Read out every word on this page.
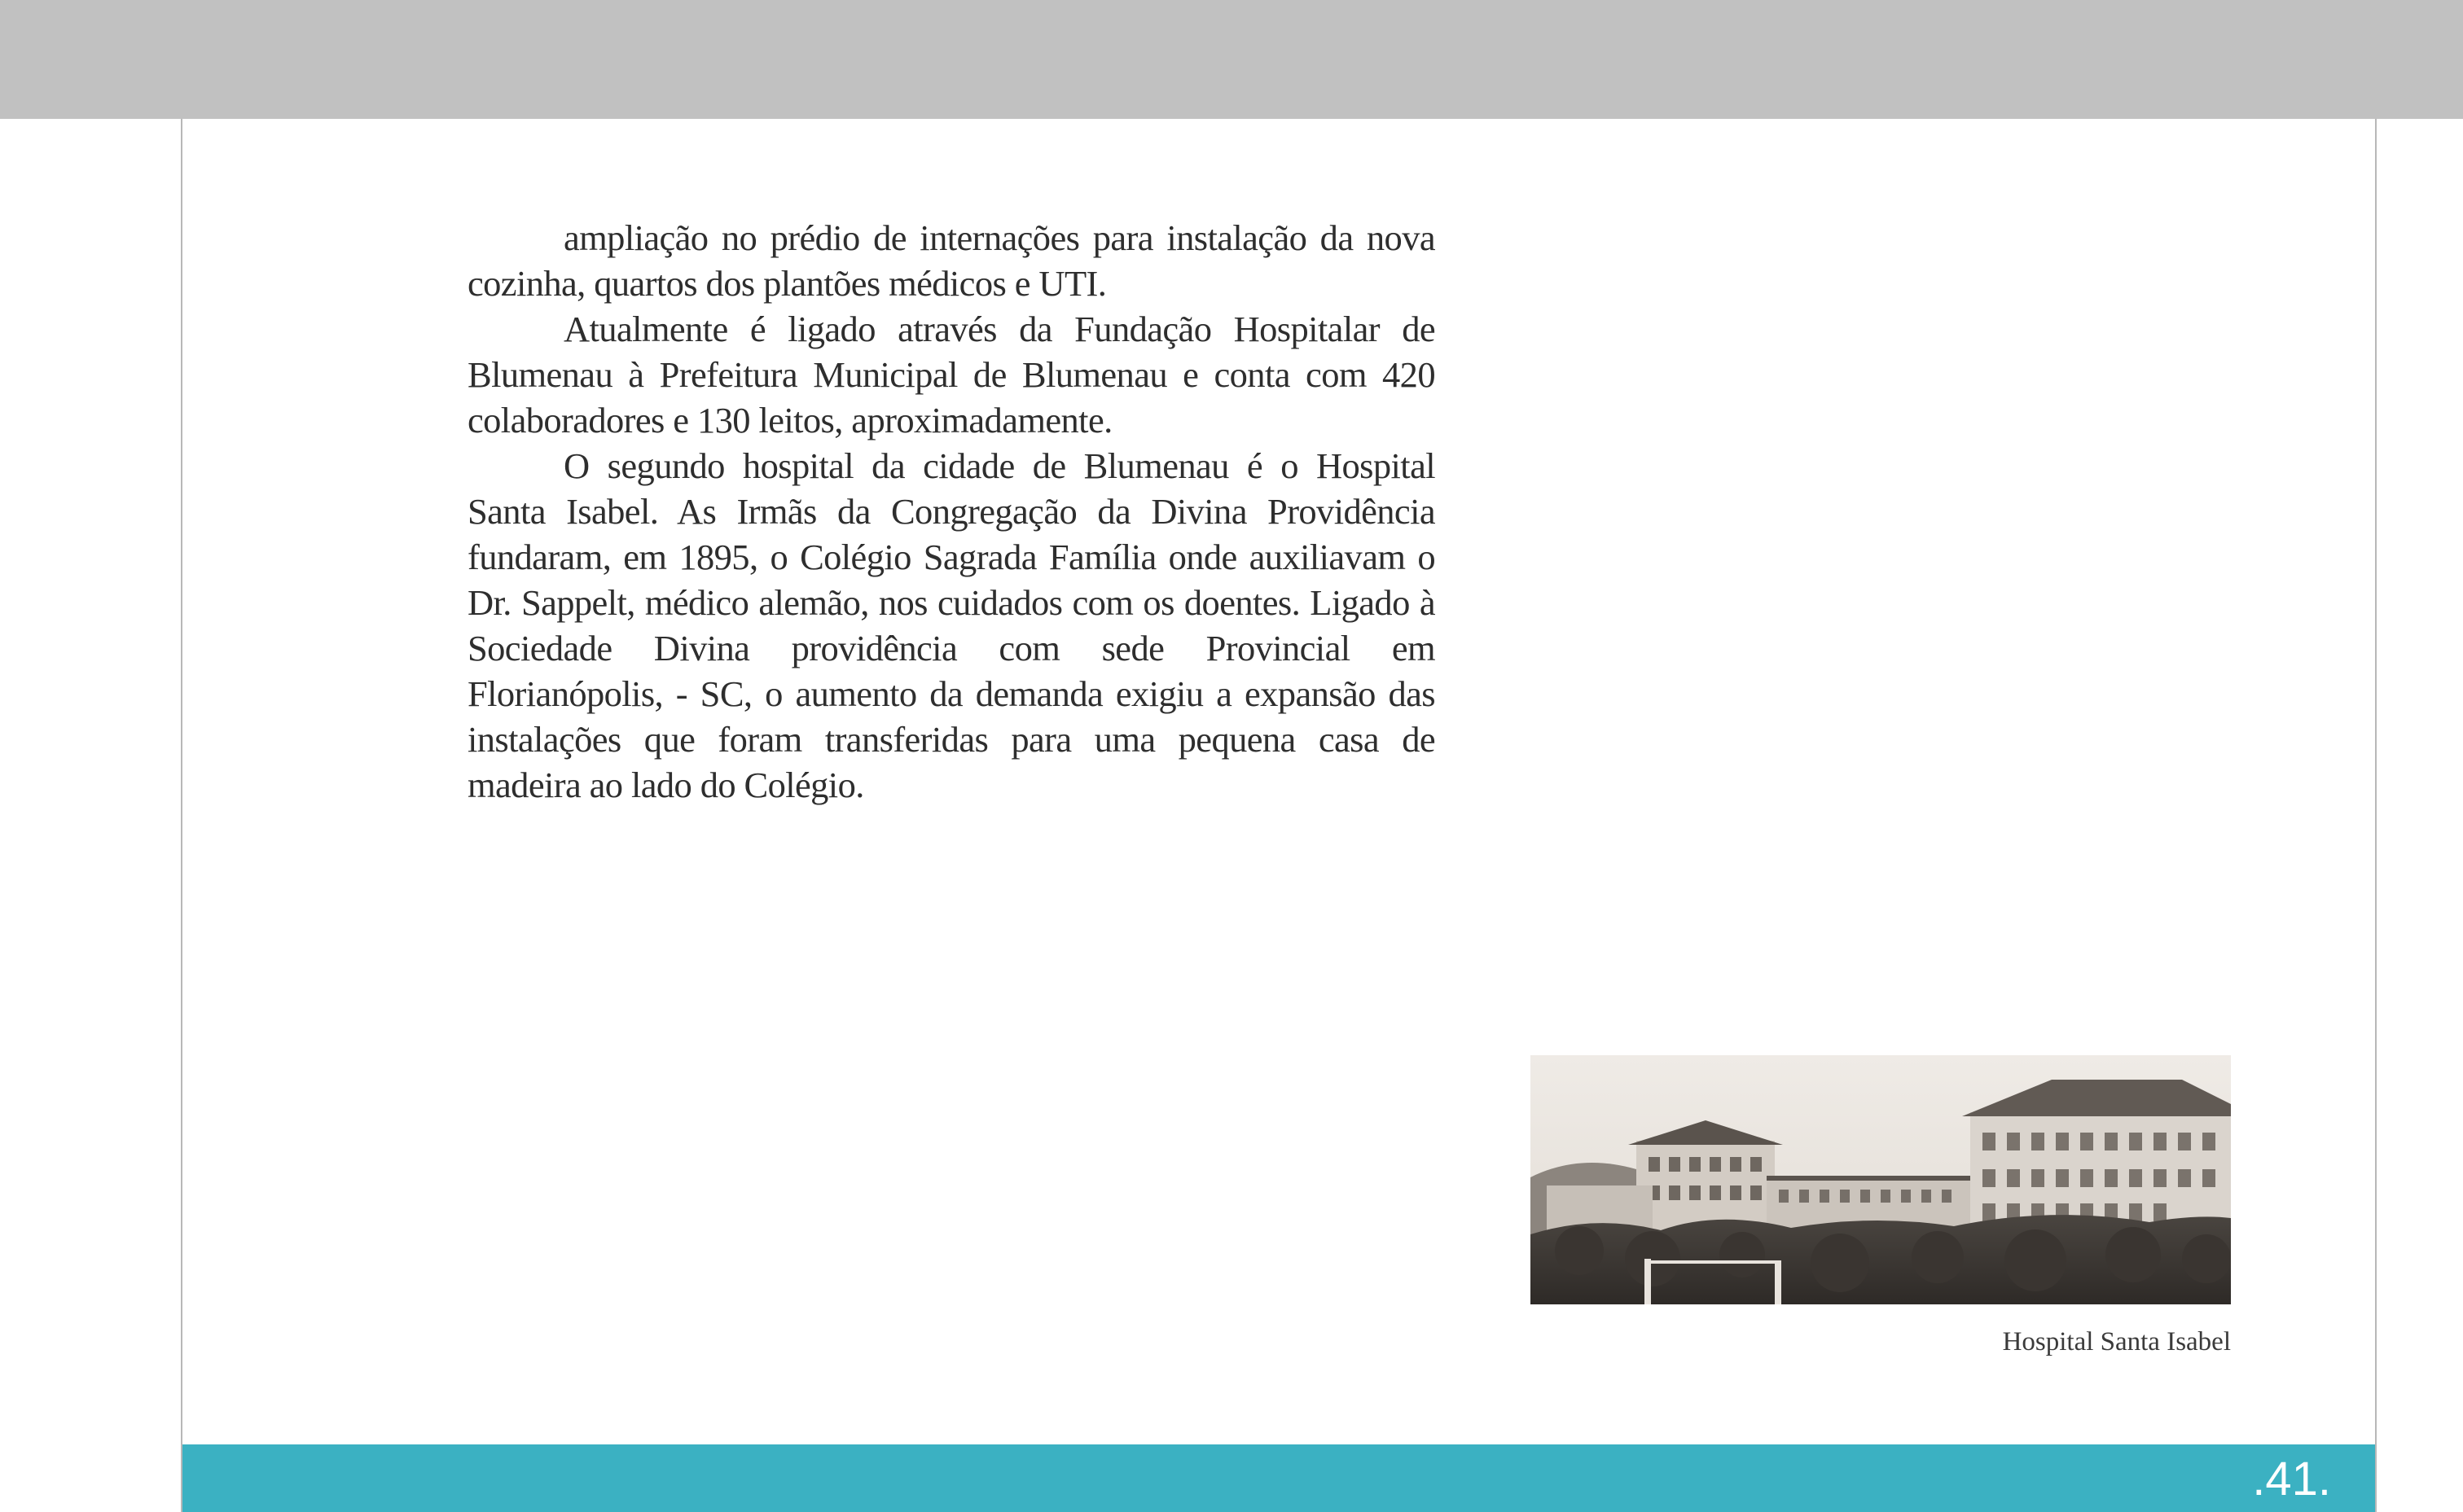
ampliação no prédio de internações para instalação da nova cozinha, quartos dos plantões médicos e UTI.

Atualmente é ligado através da Fundação Hospitalar de Blumenau à Prefeitura Municipal de Blumenau e conta com 420 colaboradores e 130 leitos, aproximadamente.

O segundo hospital da cidade de Blumenau é o Hospital Santa Isabel. As Irmãs da Congregação da Divina Providência fundaram, em 1895, o Colégio Sagrada Família onde auxiliavam o Dr. Sappelt, médico alemão, nos cuidados com os doentes. Ligado à Sociedade Divina providência com sede Provincial em Florianópolis, - SC, o aumento da demanda exigiu a expansão das instalações que foram transferidas para uma pequena casa de madeira ao lado do Colégio.

Hospital Santa Isabel
.41.
